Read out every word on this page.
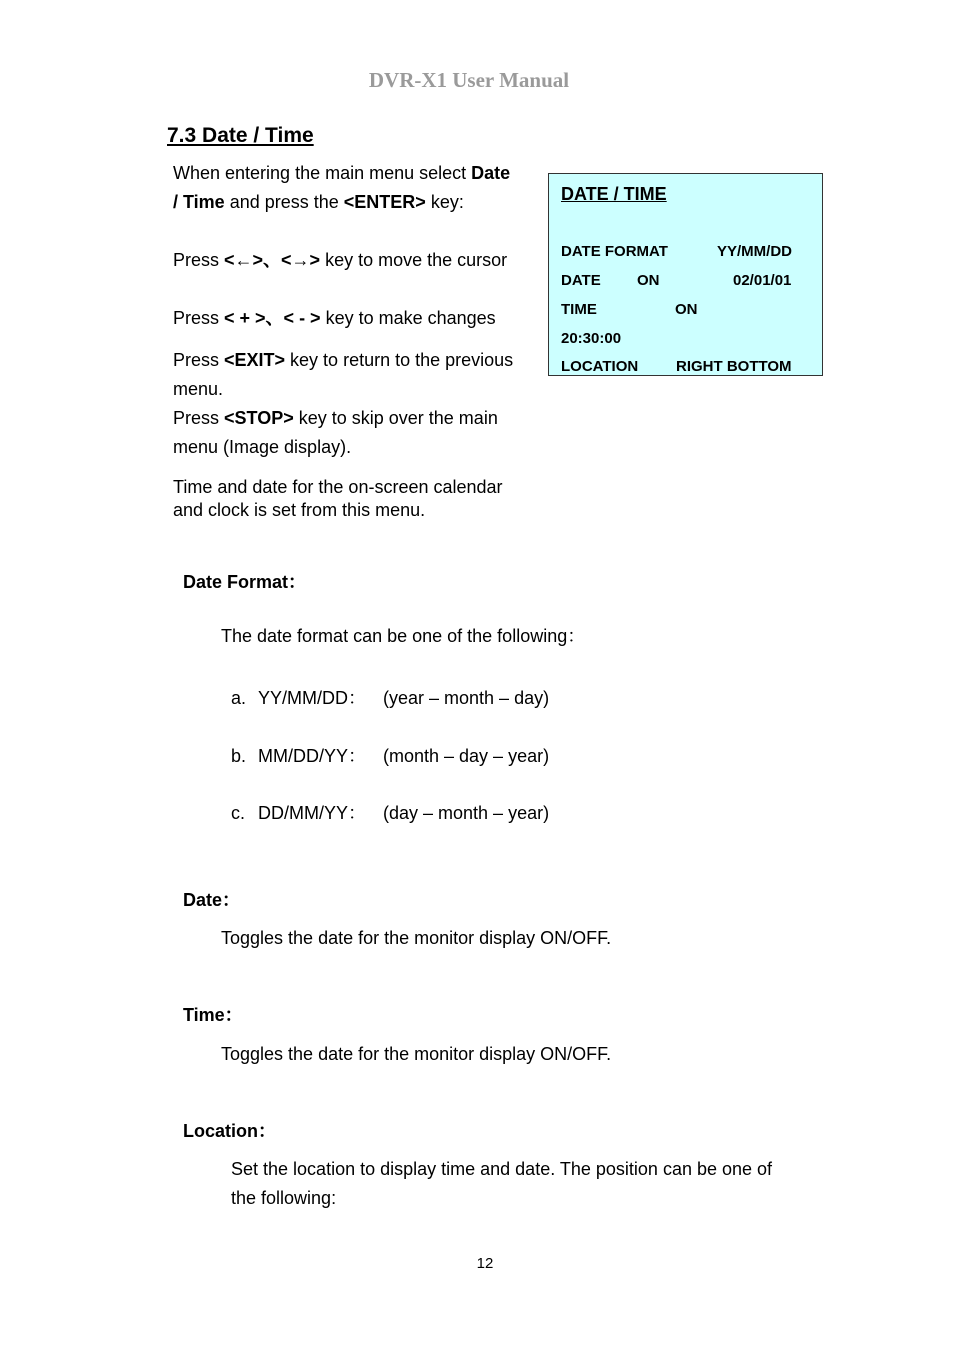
DVR-X1 User Manual

7.3 Date / Time
When entering the main menu select Date
/ Time and press the <ENTER> key:
Press <←>、<→> key to move the cursor
Press < + >、< - > key to make changes
Press <EXIT> key to return to the previous
menu.
Press <STOP> key to skip over the main
menu (Image display).
Time and date for the on-screen calendar
and clock is set from this menu.
DATE / TIME
DATE FORMAT	YY/MM/DD
DATE ON	02/01/01
TIME	ON
20:30:00
LOCATION	RIGHT BOTTOM
Date Format：
The date format can be one of the following：
a. YY/MM/DD： (year – month – day)
b. MM/DD/YY： (month – day – year)
c. DD/MM/YY： (day – month – year)
Date：
Toggles the date for the monitor display ON/OFF.
Time：
Toggles the date for the monitor display ON/OFF.
Location：
Set the location to display time and date. The position can be one of
the following:

12
